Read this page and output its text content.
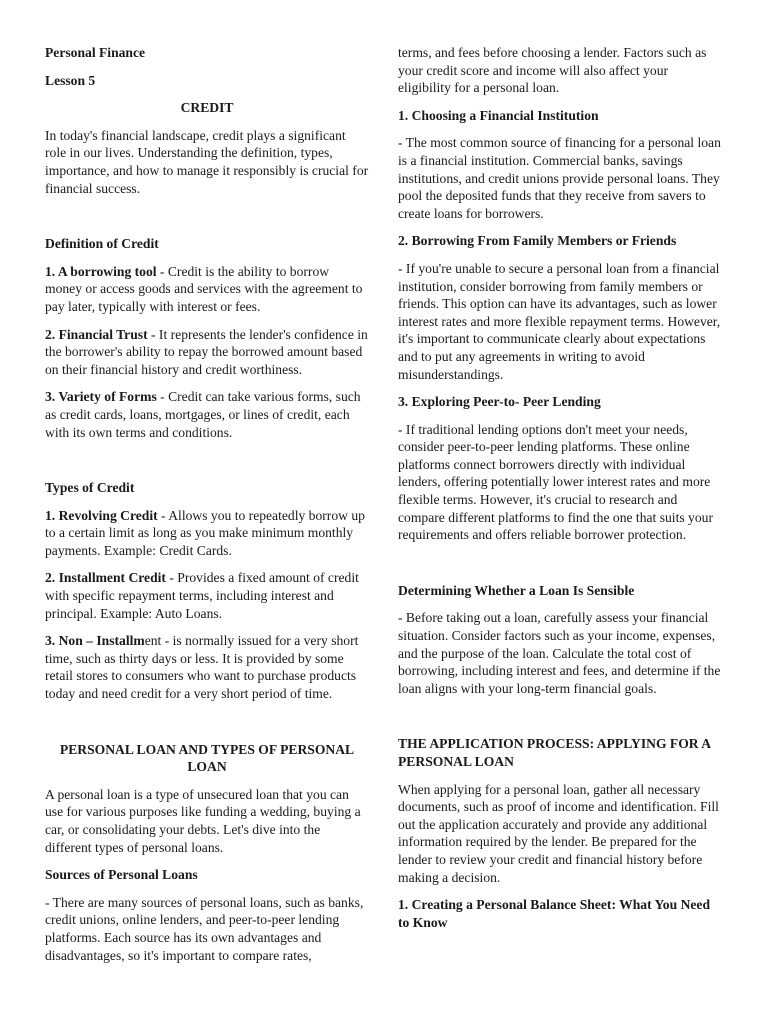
Personal Finance

Lesson 5

CREDIT

In today's financial landscape, credit plays a significant role in our lives. Understanding the definition, types, importance, and how to manage it responsibly is crucial for financial success.

Definition of Credit

1. A borrowing tool - Credit is the ability to borrow money or access goods and services with the agreement to pay later, typically with interest or fees.

2. Financial Trust - It represents the lender's confidence in the borrower's ability to repay the borrowed amount based on their financial history and credit worthiness.

3. Variety of Forms - Credit can take various forms, such as credit cards, loans, mortgages, or lines of credit, each with its own terms and conditions.

Types of Credit

1. Revolving Credit - Allows you to repeatedly borrow up to a certain limit as long as you make minimum monthly payments. Example: Credit Cards.

2. Installment Credit - Provides a fixed amount of credit with specific repayment terms, including interest and principal. Example: Auto Loans.

3. Non – Installment - is normally issued for a very short time, such as thirty days or less. It is provided by some retail stores to consumers who want to purchase products today and need credit for a very short period of time.

PERSONAL LOAN AND TYPES OF PERSONAL LOAN

A personal loan is a type of unsecured loan that you can use for various purposes like funding a wedding, buying a car, or consolidating your debts. Let's dive into the different types of personal loans.

Sources of Personal Loans

- There are many sources of personal loans, such as banks, credit unions, online lenders, and peer-to-peer lending platforms. Each source has its own advantages and disadvantages, so it's important to compare rates,

terms, and fees before choosing a lender. Factors such as your credit score and income will also affect your eligibility for a personal loan.

1. Choosing a Financial Institution

- The most common source of financing for a personal loan is a financial institution. Commercial banks, savings institutions, and credit unions provide personal loans. They pool the deposited funds that they receive from savers to create loans for borrowers.

2. Borrowing From Family Members or Friends

- If you're unable to secure a personal loan from a financial institution, consider borrowing from family members or friends. This option can have its advantages, such as lower interest rates and more flexible repayment terms. However, it's important to communicate clearly about expectations and to put any agreements in writing to avoid misunderstandings.

3. Exploring Peer-to- Peer Lending

- If traditional lending options don't meet your needs, consider peer-to-peer lending platforms. These online platforms connect borrowers directly with individual lenders, offering potentially lower interest rates and more flexible terms. However, it's crucial to research and compare different platforms to find the one that suits your requirements and offers reliable borrower protection.

Determining Whether a Loan Is Sensible

- Before taking out a loan, carefully assess your financial situation. Consider factors such as your income, expenses, and the purpose of the loan. Calculate the total cost of borrowing, including interest and fees, and determine if the loan aligns with your long-term financial goals.

THE APPLICATION PROCESS: APPLYING FOR A PERSONAL LOAN

When applying for a personal loan, gather all necessary documents, such as proof of income and identification. Fill out the application accurately and provide any additional information required by the lender. Be prepared for the lender to review your credit and financial history before making a decision.

1. Creating a Personal Balance Sheet: What You Need to Know
